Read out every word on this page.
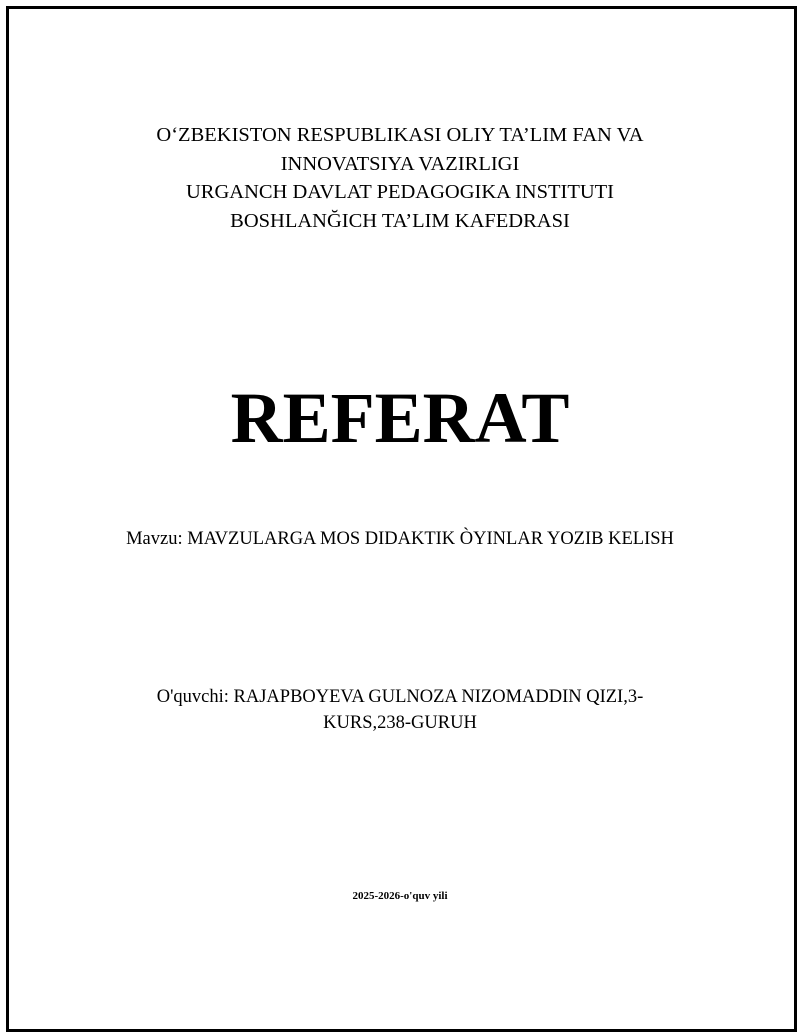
O‘ZBEKISTON RESPUBLIKASI OLIY TA’LIM FAN VA
INNOVATSIYA VAZIRLIGI
URGANCH DAVLAT PEDAGOGIKA INSTITUTI
BOSHLANĞICH TA’LIM KAFEDRASI
REFERAT
Mavzu: MAVZULARGA MOS DIDAKTIK ÒYINLAR YOZIB KELISH
O'quvchi: RAJAPBOYEVA GULNOZA NIZOMADDIN QIZI,3-
KURS,238-GURUH
2025-2026-o'quv yili
